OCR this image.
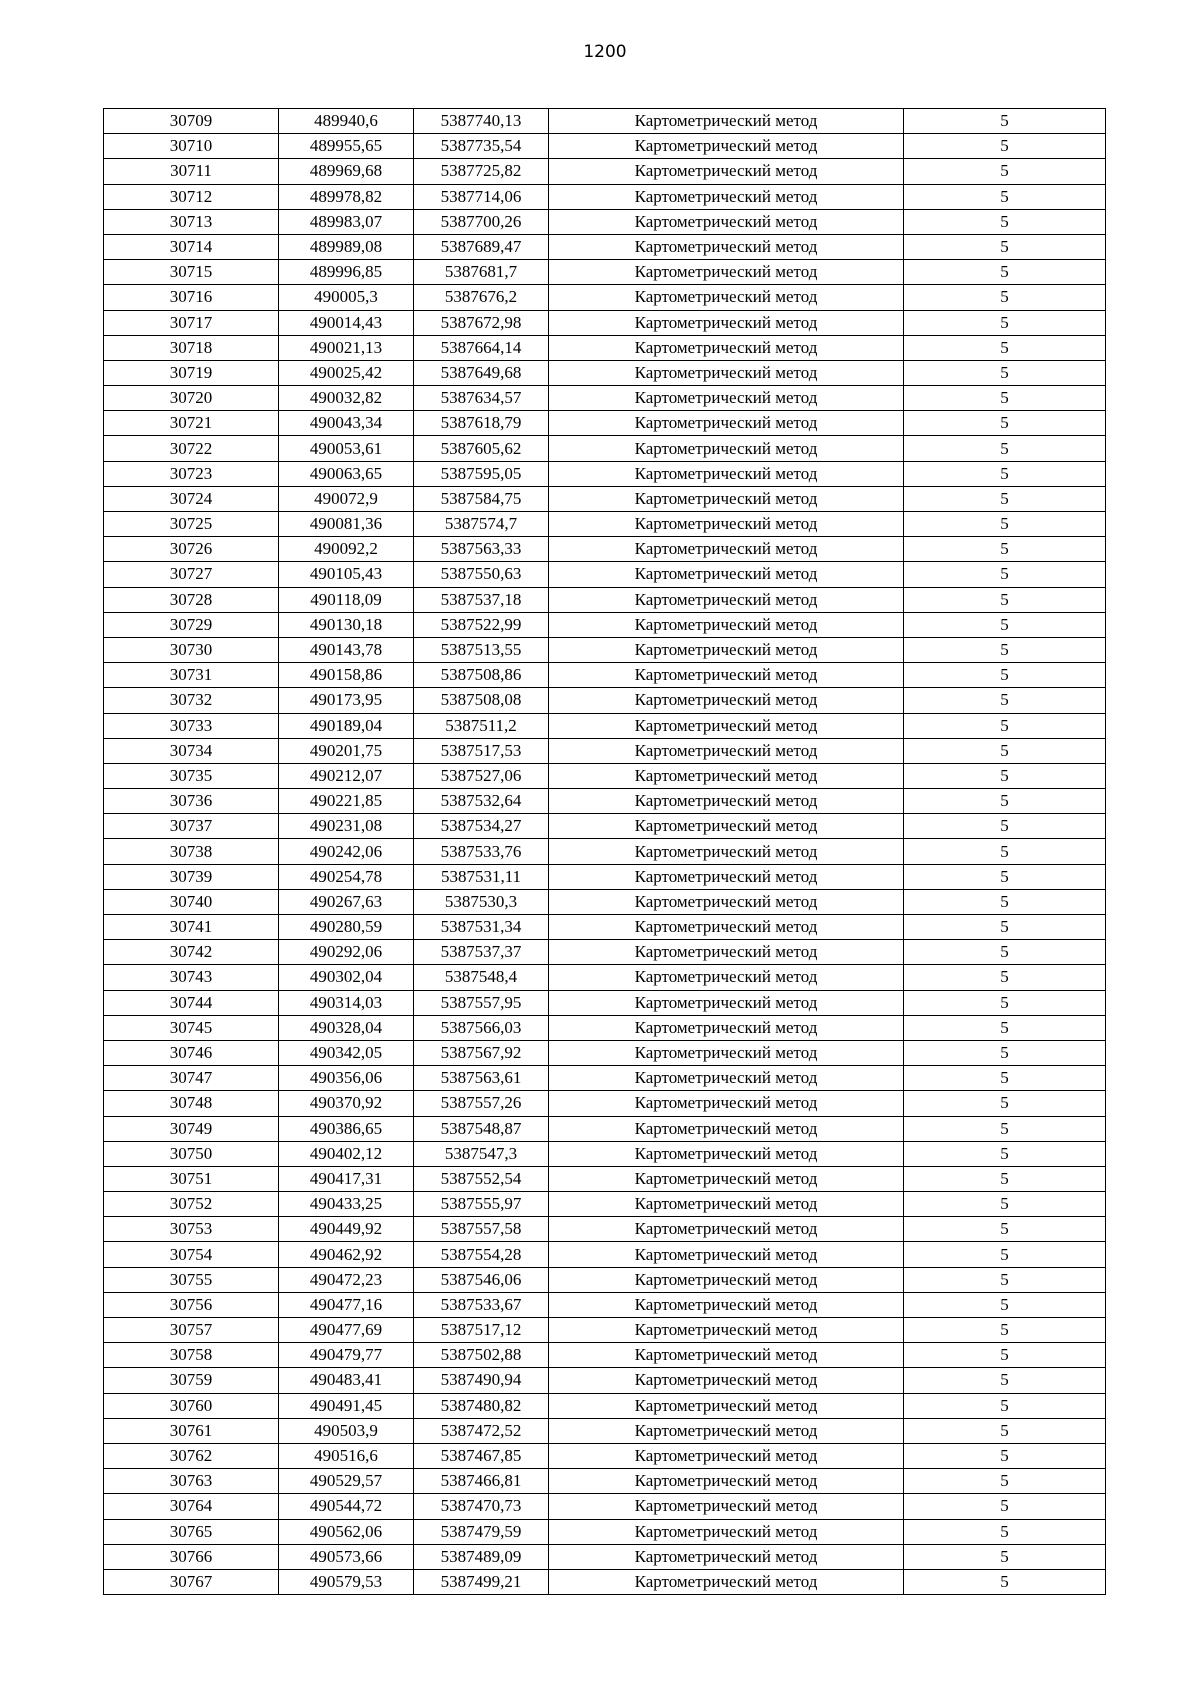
1200
30709	489940,6	5387740,13	Картометрический метод	5
30710	489955,65	5387735,54	Картометрический метод	5
30711	489969,68	5387725,82	Картометрический метод	5
30712	489978,82	5387714,06	Картометрический метод	5
30713	489983,07	5387700,26	Картометрический метод	5
30714	489989,08	5387689,47	Картометрический метод	5
30715	489996,85	5387681,7	Картометрический метод	5
30716	490005,3	5387676,2	Картометрический метод	5
30717	490014,43	5387672,98	Картометрический метод	5
30718	490021,13	5387664,14	Картометрический метод	5
30719	490025,42	5387649,68	Картометрический метод	5
30720	490032,82	5387634,57	Картометрический метод	5
30721	490043,34	5387618,79	Картометрический метод	5
30722	490053,61	5387605,62	Картометрический метод	5
30723	490063,65	5387595,05	Картометрический метод	5
30724	490072,9	5387584,75	Картометрический метод	5
30725	490081,36	5387574,7	Картометрический метод	5
30726	490092,2	5387563,33	Картометрический метод	5
30727	490105,43	5387550,63	Картометрический метод	5
30728	490118,09	5387537,18	Картометрический метод	5
30729	490130,18	5387522,99	Картометрический метод	5
30730	490143,78	5387513,55	Картометрический метод	5
30731	490158,86	5387508,86	Картометрический метод	5
30732	490173,95	5387508,08	Картометрический метод	5
30733	490189,04	5387511,2	Картометрический метод	5
30734	490201,75	5387517,53	Картометрический метод	5
30735	490212,07	5387527,06	Картометрический метод	5
30736	490221,85	5387532,64	Картометрический метод	5
30737	490231,08	5387534,27	Картометрический метод	5
30738	490242,06	5387533,76	Картометрический метод	5
30739	490254,78	5387531,11	Картометрический метод	5
30740	490267,63	5387530,3	Картометрический метод	5
30741	490280,59	5387531,34	Картометрический метод	5
30742	490292,06	5387537,37	Картометрический метод	5
30743	490302,04	5387548,4	Картометрический метод	5
30744	490314,03	5387557,95	Картометрический метод	5
30745	490328,04	5387566,03	Картометрический метод	5
30746	490342,05	5387567,92	Картометрический метод	5
30747	490356,06	5387563,61	Картометрический метод	5
30748	490370,92	5387557,26	Картометрический метод	5
30749	490386,65	5387548,87	Картометрический метод	5
30750	490402,12	5387547,3	Картометрический метод	5
30751	490417,31	5387552,54	Картометрический метод	5
30752	490433,25	5387555,97	Картометрический метод	5
30753	490449,92	5387557,58	Картометрический метод	5
30754	490462,92	5387554,28	Картометрический метод	5
30755	490472,23	5387546,06	Картометрический метод	5
30756	490477,16	5387533,67	Картометрический метод	5
30757	490477,69	5387517,12	Картометрический метод	5
30758	490479,77	5387502,88	Картометрический метод	5
30759	490483,41	5387490,94	Картометрический метод	5
30760	490491,45	5387480,82	Картометрический метод	5
30761	490503,9	5387472,52	Картометрический метод	5
30762	490516,6	5387467,85	Картометрический метод	5
30763	490529,57	5387466,81	Картометрический метод	5
30764	490544,72	5387470,73	Картометрический метод	5
30765	490562,06	5387479,59	Картометрический метод	5
30766	490573,66	5387489,09	Картометрический метод	5
30767	490579,53	5387499,21	Картометрический метод	5
